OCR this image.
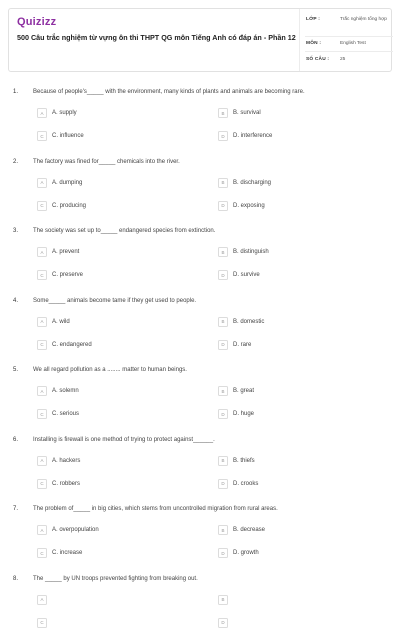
Quizizz
500 Câu trắc nghiệm từ vựng ôn thi THPT QG môn Tiếng Anh có đáp án - Phần 12
LỚP :	Trắc nghiệm tổng hợp
MÔN :	English Test
SỐ CÂU :	25
1. Because of people's_____ with the environment, many kinds of plants and animals are becoming rare.
A	A. supply	B	B. survival
C	C. influence	D	D. interference
2. The factory was fined for_____ chemicals into the river.
A	A. dumping	B	B. discharging
C	C. producing	D	D. exposing
3. The society was set up to_____ endangered species from extinction.
A	A. prevent	B	B. distinguish
C	C. preserve	D	D. survive
4. Some_____ animals become tame if they get used to people.
A	A. wild	B	B. domestic
C	C. endangered	D	D. rare
5. We all regard pollution as a ........ matter to human beings.
A	A. solemn	B	B. great
C	C. serious	D	D. huge
6. Installing is firewall is one method of trying to protect against______.
A	A. hackers	B	B. thiefs
C	C. robbers	D	D. crooks
7. The problem of_____ in big cities, which stems from uncontrolled migration from rural areas.
A	A. overpopulation	B	B. decrease
C	C. increase	D	D. growth
8. The _____ by UN troops prevented fighting from breaking out.
A	B
C	D
